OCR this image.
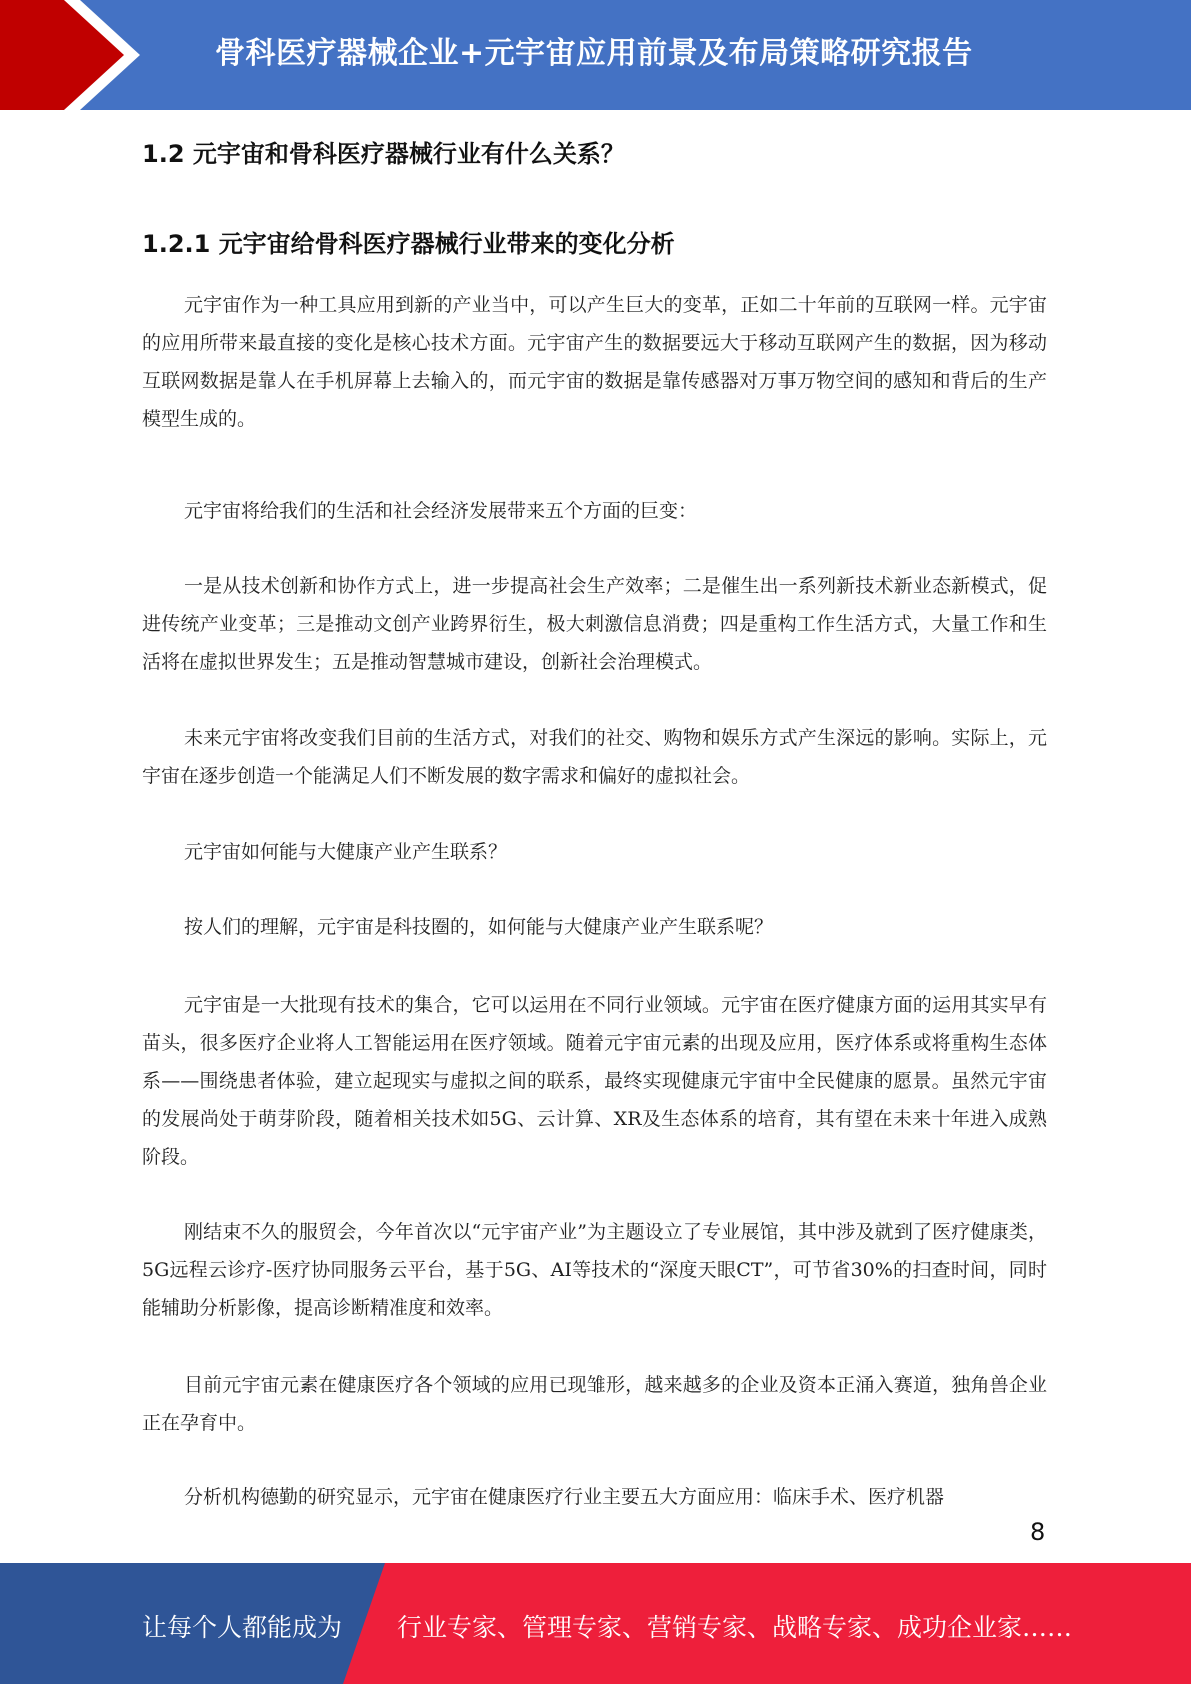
骨科医疗器械企业+元宇宙应用前景及布局策略研究报告
1.2 元宇宙和骨科医疗器械行业有什么关系？
1.2.1 元宇宙给骨科医疗器械行业带来的变化分析

元宇宙作为一种工具应用到新的产业当中，可以产生巨大的变革，正如二十年前的互联网一样。元宇宙的应用所带来最直接的变化是核心技术方面。元宇宙产生的数据要远大于移动互联网产生的数据，因为移动互联网数据是靠人在手机屏幕上去输入的，而元宇宙的数据是靠传感器对万事万物空间的感知和背后的生产模型生成的。

元宇宙将给我们的生活和社会经济发展带来五个方面的巨变：

一是从技术创新和协作方式上，进一步提高社会生产效率；二是催生出一系列新技术新业态新模式，促进传统产业变革；三是推动文创产业跨界衍生，极大刺激信息消费；四是重构工作生活方式，大量工作和生活将在虚拟世界发生；五是推动智慧城市建设，创新社会治理模式。

未来元宇宙将改变我们目前的生活方式，对我们的社交、购物和娱乐方式产生深远的影响。实际上，元宇宙在逐步创造一个能满足人们不断发展的数字需求和偏好的虚拟社会。

元宇宙如何能与大健康产业产生联系？

按人们的理解，元宇宙是科技圈的，如何能与大健康产业产生联系呢？

元宇宙是一大批现有技术的集合，它可以运用在不同行业领域。元宇宙在医疗健康方面的运用其实早有苗头，很多医疗企业将人工智能运用在医疗领域。随着元宇宙元素的出现及应用，医疗体系或将重构生态体系——围绕患者体验，建立起现实与虚拟之间的联系，最终实现健康元宇宙中全民健康的愿景。虽然元宇宙的发展尚处于萌芽阶段，随着相关技术如5G、云计算、XR及生态体系的培育，其有望在未来十年进入成熟阶段。

刚结束不久的服贸会，今年首次以“元宇宙产业”为主题设立了专业展馆，其中涉及就到了医疗健康类，5G远程云诊疗-医疗协同服务云平台，基于5G、AI等技术的“深度天眼CT”，可节省30%的扫查时间，同时能辅助分析影像，提高诊断精准度和效率。

目前元宇宙元素在健康医疗各个领域的应用已现雏形，越来越多的企业及资本正涌入赛道，独角兽企业正在孕育中。

分析机构德勤的研究显示，元宇宙在健康医疗行业主要五大方面应用：临床手术、医疗机器

8
让每个人都能成为 行业专家、管理专家、营销专家、战略专家、成功企业家……
